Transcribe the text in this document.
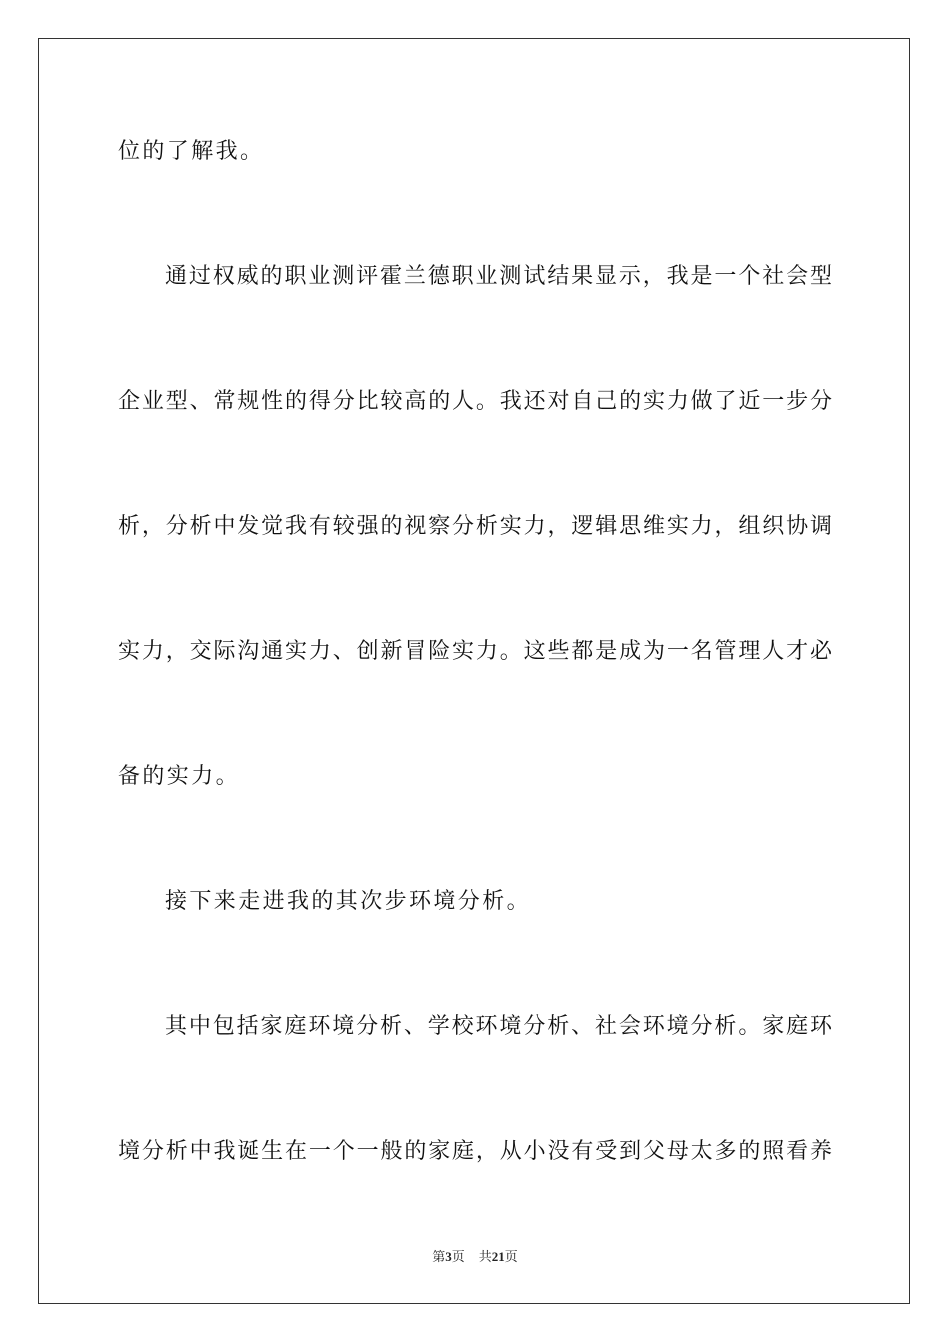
位的了解我。
通过权威的职业测评霍兰德职业测试结果显示，我是一个社会型
企业型、常规性的得分比较高的人。我还对自己的实力做了近一步分
析，分析中发觉我有较强的视察分析实力，逻辑思维实力，组织协调
实力，交际沟通实力、创新冒险实力。这些都是成为一名管理人才必
备的实力。
接下来走进我的其次步环境分析。
其中包括家庭环境分析、学校环境分析、社会环境分析。家庭环
境分析中我诞生在一个一般的家庭，从小没有受到父母太多的照看养
第3页 共21页
